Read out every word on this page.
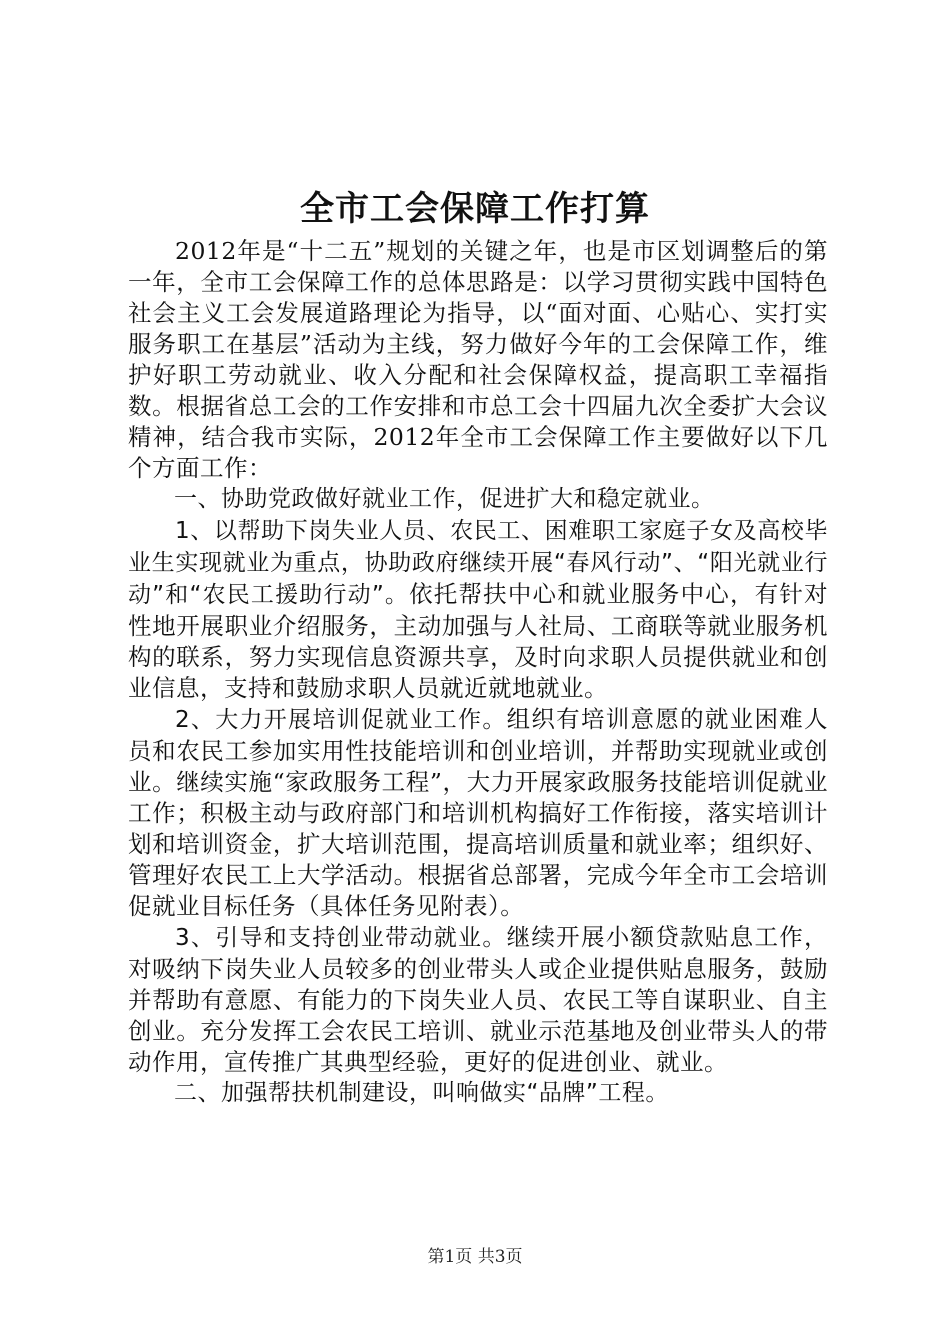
全市工会保障工作打算

2012年是“十二五”规划的关键之年，也是市区划调整后的第一年，全市工会保障工作的总体思路是：以学习贯彻实践中国特色社会主义工会发展道路理论为指导，以“面对面、心贴心、实打实服务职工在基层”活动为主线，努力做好今年的工会保障工作，维护好职工劳动就业、收入分配和社会保障权益，提高职工幸福指数。根据省总工会的工作安排和市总工会十四届九次全委扩大会议精神，结合我市实际，2012年全市工会保障工作主要做好以下几个方面工作：

一、协助党政做好就业工作，促进扩大和稳定就业。

1、以帮助下岗失业人员、农民工、困难职工家庭子女及高校毕业生实现就业为重点，协助政府继续开展“春风行动”、“阳光就业行动”和“农民工援助行动”。依托帮扶中心和就业服务中心，有针对性地开展职业介绍服务，主动加强与人社局、工商联等就业服务机构的联系，努力实现信息资源共享，及时向求职人员提供就业和创业信息，支持和鼓励求职人员就近就地就业。

2、大力开展培训促就业工作。组织有培训意愿的就业困难人员和农民工参加实用性技能培训和创业培训，并帮助实现就业或创业。继续实施“家政服务工程”，大力开展家政服务技能培训促就业工作；积极主动与政府部门和培训机构搞好工作衔接，落实培训计划和培训资金，扩大培训范围，提高培训质量和就业率；组织好、管理好农民工上大学活动。根据省总部署，完成今年全市工会培训促就业目标任务（具体任务见附表）。

3、引导和支持创业带动就业。继续开展小额贷款贴息工作，对吸纳下岗失业人员较多的创业带头人或企业提供贴息服务，鼓励并帮助有意愿、有能力的下岗失业人员、农民工等自谋职业、自主创业。充分发挥工会农民工培训、就业示范基地及创业带头人的带动作用，宣传推广其典型经验，更好的促进创业、就业。

二、加强帮扶机制建设，叫响做实“品牌”工程。

第1页 共3页
